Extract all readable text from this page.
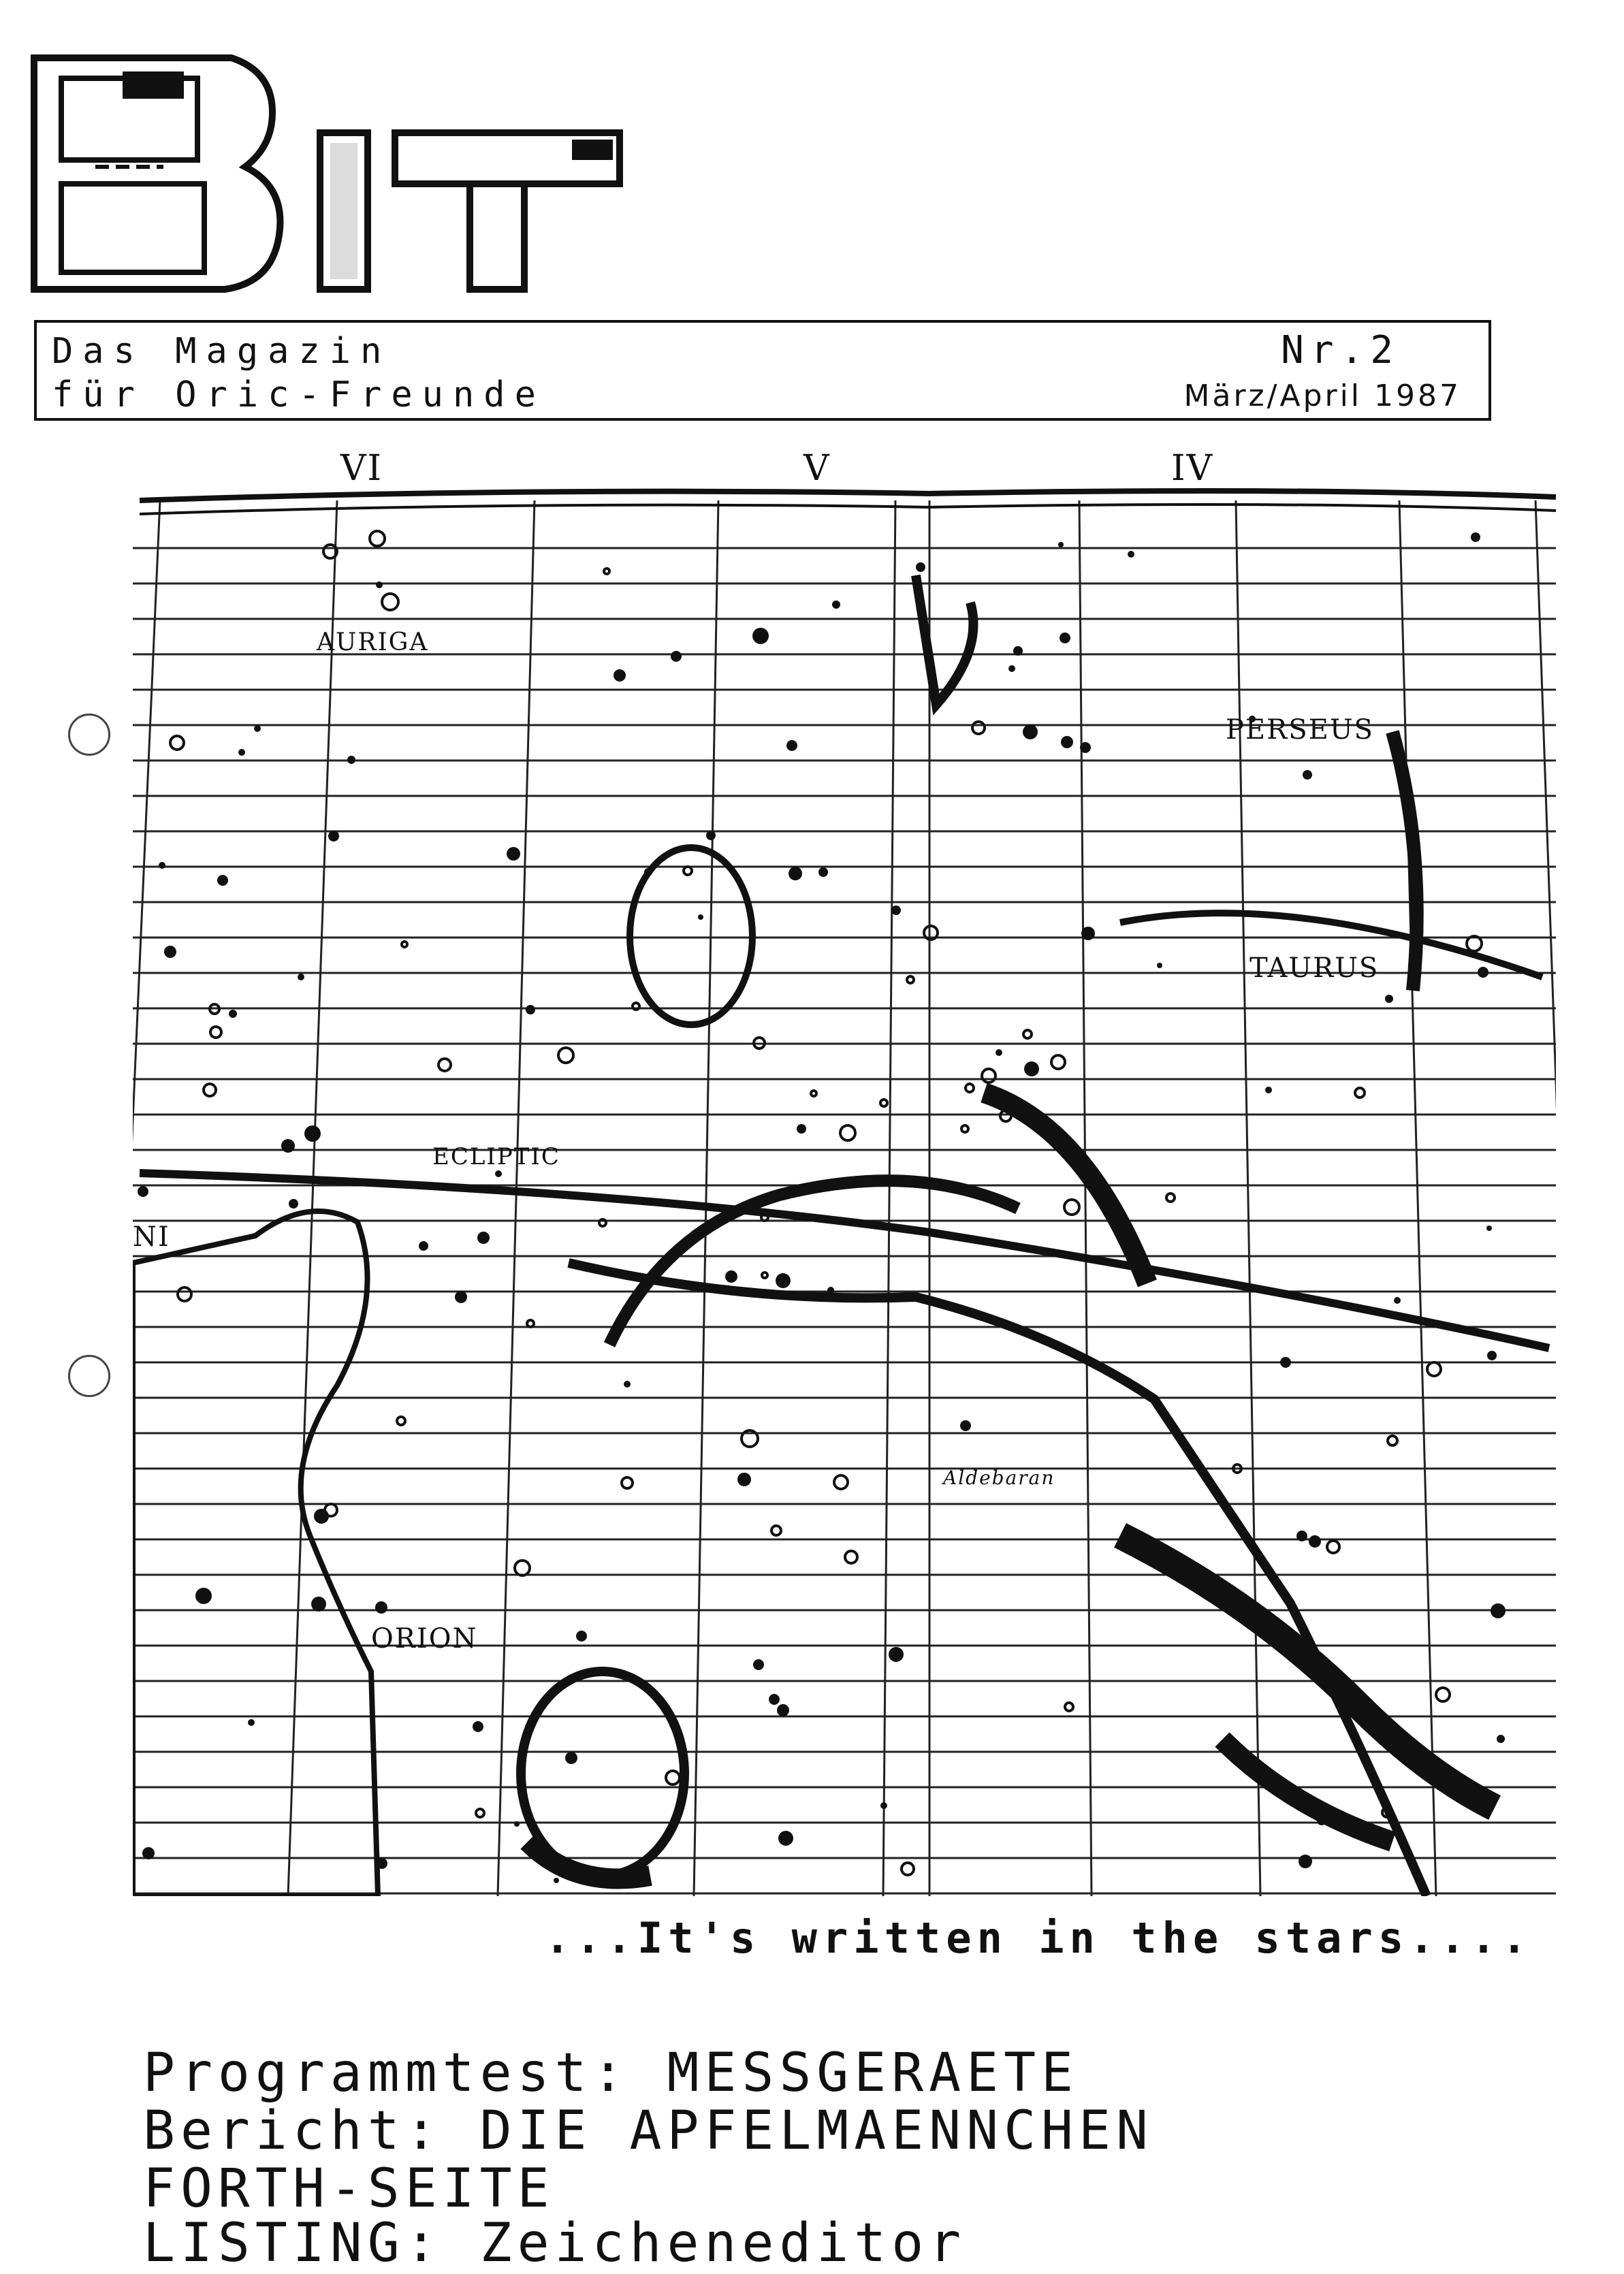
Das Magazin
für Oric-Freunde
Nr.2
März/April 1987
VI	V	IV
AURIGA
PERSEUS
TAURUS
ECLIPTIC
ORION
Aldebaran
NI
...It's written in the stars....
Programmtest: MESSGERAETE
Bericht: DIE APFELMAENNCHEN
FORTH-SEITE
LISTING: Zeicheneditor
